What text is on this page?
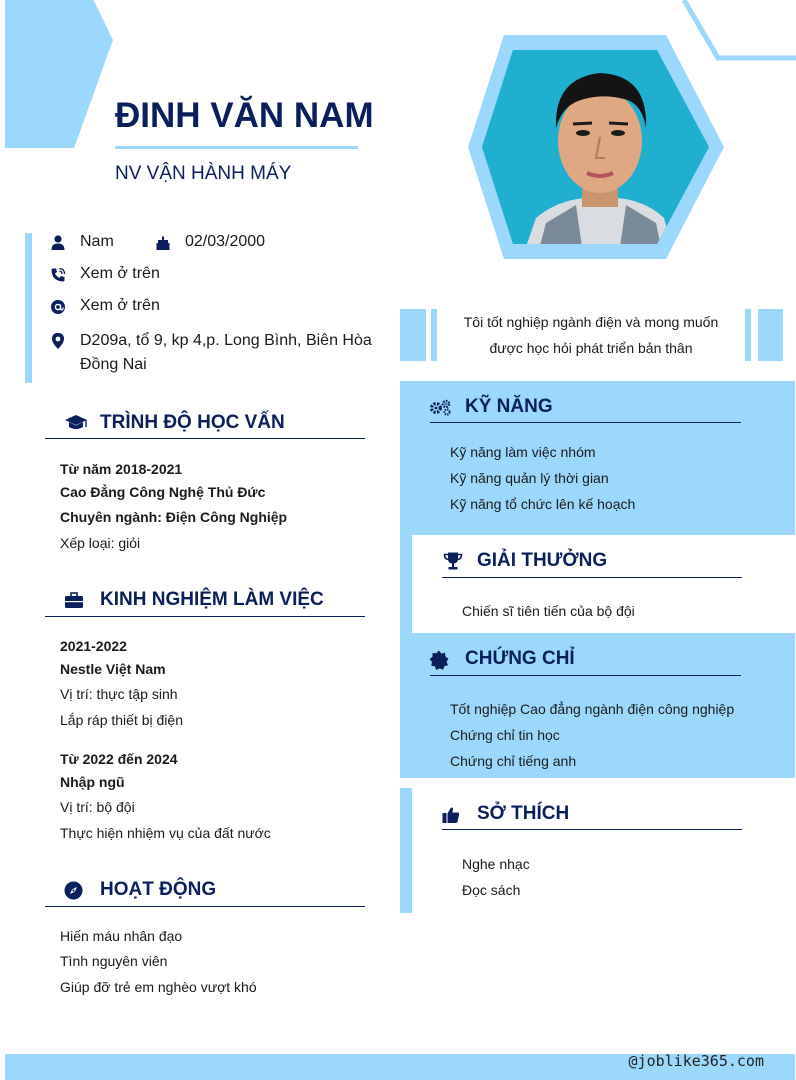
ĐINH VĂN NAM
NV VẬN HÀNH MÁY
Nam	02/03/2000
Xem ở trên
Xem ở trên
D209a, tổ 9, kp 4,p. Long Bình, Biên Hòa
Đồng Nai
TRÌNH ĐỘ HỌC VẤN
Từ năm 2018-2021
Cao Đẳng Công Nghệ Thủ Đức
Chuyên ngành: Điện Công Nghiệp
Xếp loại: giỏi
KINH NGHIỆM LÀM VIỆC
2021-2022
Nestle Việt Nam
Vị trí: thực tập sinh
Lắp ráp thiết bị điện
Từ 2022 đến 2024
Nhập ngũ
Vị trí: bộ đội
Thực hiện nhiệm vụ của đất nước
HOẠT ĐỘNG
Hiến máu nhân đạo
Tình nguyên viên
Giúp đỡ trẻ em nghèo vượt khó
Tôi tốt nghiệp ngành điện và mong muốn
được học hỏi phát triển bản thân
KỸ NĂNG
Kỹ năng làm việc nhóm
Kỹ năng quản lý thời gian
Kỹ năng tổ chức lên kế hoạch
GIẢI THƯỞNG
Chiến sĩ tiên tiến của bộ đội
CHỨNG CHỈ
Tốt nghiệp Cao đẳng ngành điện công nghiệp
Chứng chỉ tin học
Chứng chỉ tiếng anh
SỞ THÍCH
Nghe nhạc
Đọc sách
@joblike365.com
